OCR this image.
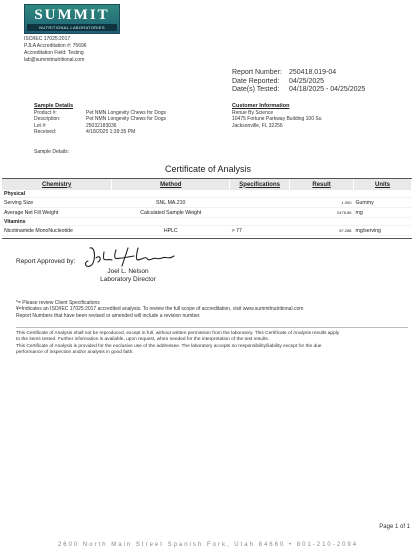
SUMMIT
NUTRITIONAL LABORATORIES
ISO/IEC 17025:2017
PJLA Accreditation #: 75696
Accreditation Field: Testing
lab@summitnutritional.com
Report Number: 250418.019-04
Date Reported: 04/25/2025
Date(s) Tested: 04/18/2025 - 04/25/2025
Sample Details
Product #:	Pet NMN Longevity Chews for Dogs
Description:	Pet NMN Longevity Chews for Dogs
Lot #:	25032183036
Received:	4/18/2025 1:39:35 PM
Sample Details:
Customer Information
Renue By Science
10475 Fortune Parkway Building 100 Su
Jacksonville, FL 32256
Certificate of Analysis
Chemistry	Method	Specifications	Result	Units
Physical				
Serving Size	SNL.MA.210		1.000	Gummy
Average Net Fill Weight	Calculated Sample Weight		2476.86	mg
Vitamins				
Nicotinamide MonoNucleotide	HPLC	> 77	87.286	mg/serving
Report Approved by:
Joel L. Nelson	Joel L. Nelson
Laboratory Director
*= Please review Client Specifications
¥=Indicates an ISO/IEC 17025:2017 accredited analysis. To review the full scope of accreditation, visit www.summitnutritional.com
Report Numbers that have been revised or amended will include a revision number.
This Certificate of Analysis shall not be reproduced, except in full, without written permission from the laboratory. This Certificate of Analysis results apply
to the items tested. Further information is available, upon request, when needed for the interpretation of the test results.
This Certificate of Analysis is provided for the exclusive use of the addressee. The laboratory accepts no responsibility/liability except for the due
performance of inspection and/or analysis in good faith.
Page 1 of 1
2600 North Main Street Spanish Fork, Utah 84660 • 801-210-2094
